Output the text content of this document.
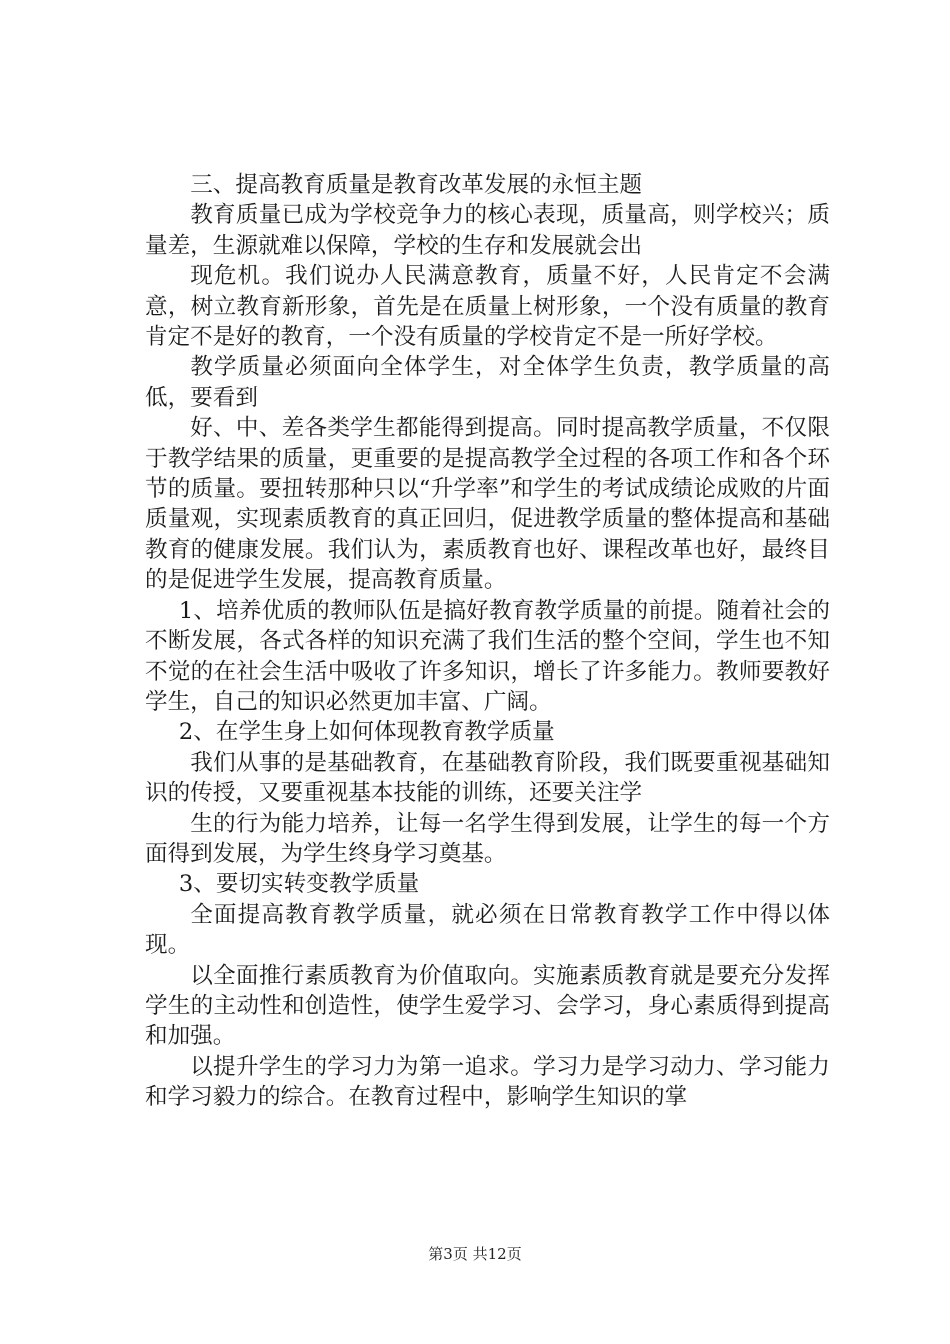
三、提高教育质量是教育改革发展的永恒主题

教育质量已成为学校竞争力的核心表现，质量高，则学校兴；质量差，生源就难以保障，学校的生存和发展就会出

现危机。我们说办人民满意教育，质量不好，人民肯定不会满意，树立教育新形象，首先是在质量上树形象，一个没有质量的教育肯定不是好的教育，一个没有质量的学校肯定不是一所好学校。

教学质量必须面向全体学生，对全体学生负责，教学质量的高低，要看到

好、中、差各类学生都能得到提高。同时提高教学质量，不仅限于教学结果的质量，更重要的是提高教学全过程的各项工作和各个环节的质量。要扭转那种只以“升学率”和学生的考试成绩论成败的片面质量观，实现素质教育的真正回归，促进教学质量的整体提高和基础教育的健康发展。我们认为，素质教育也好、课程改革也好，最终目的是促进学生发展，提高教育质量。

1、培养优质的教师队伍是搞好教育教学质量的前提。随着社会的不断发展，各式各样的知识充满了我们生活的整个空间，学生也不知不觉的在社会生活中吸收了许多知识，增长了许多能力。教师要教好学生，自己的知识必然更加丰富、广阔。

2、在学生身上如何体现教育教学质量

我们从事的是基础教育，在基础教育阶段，我们既要重视基础知识的传授，又要重视基本技能的训练，还要关注学

生的行为能力培养，让每一名学生得到发展，让学生的每一个方面得到发展，为学生终身学习奠基。

3、要切实转变教学质量

全面提高教育教学质量，就必须在日常教育教学工作中得以体现。

以全面推行素质教育为价值取向。实施素质教育就是要充分发挥学生的主动性和创造性，使学生爱学习、会学习，身心素质得到提高和加强。

以提升学生的学习力为第一追求。学习力是学习动力、学习能力和学习毅力的综合。在教育过程中，影响学生知识的掌

第3页 共12页
